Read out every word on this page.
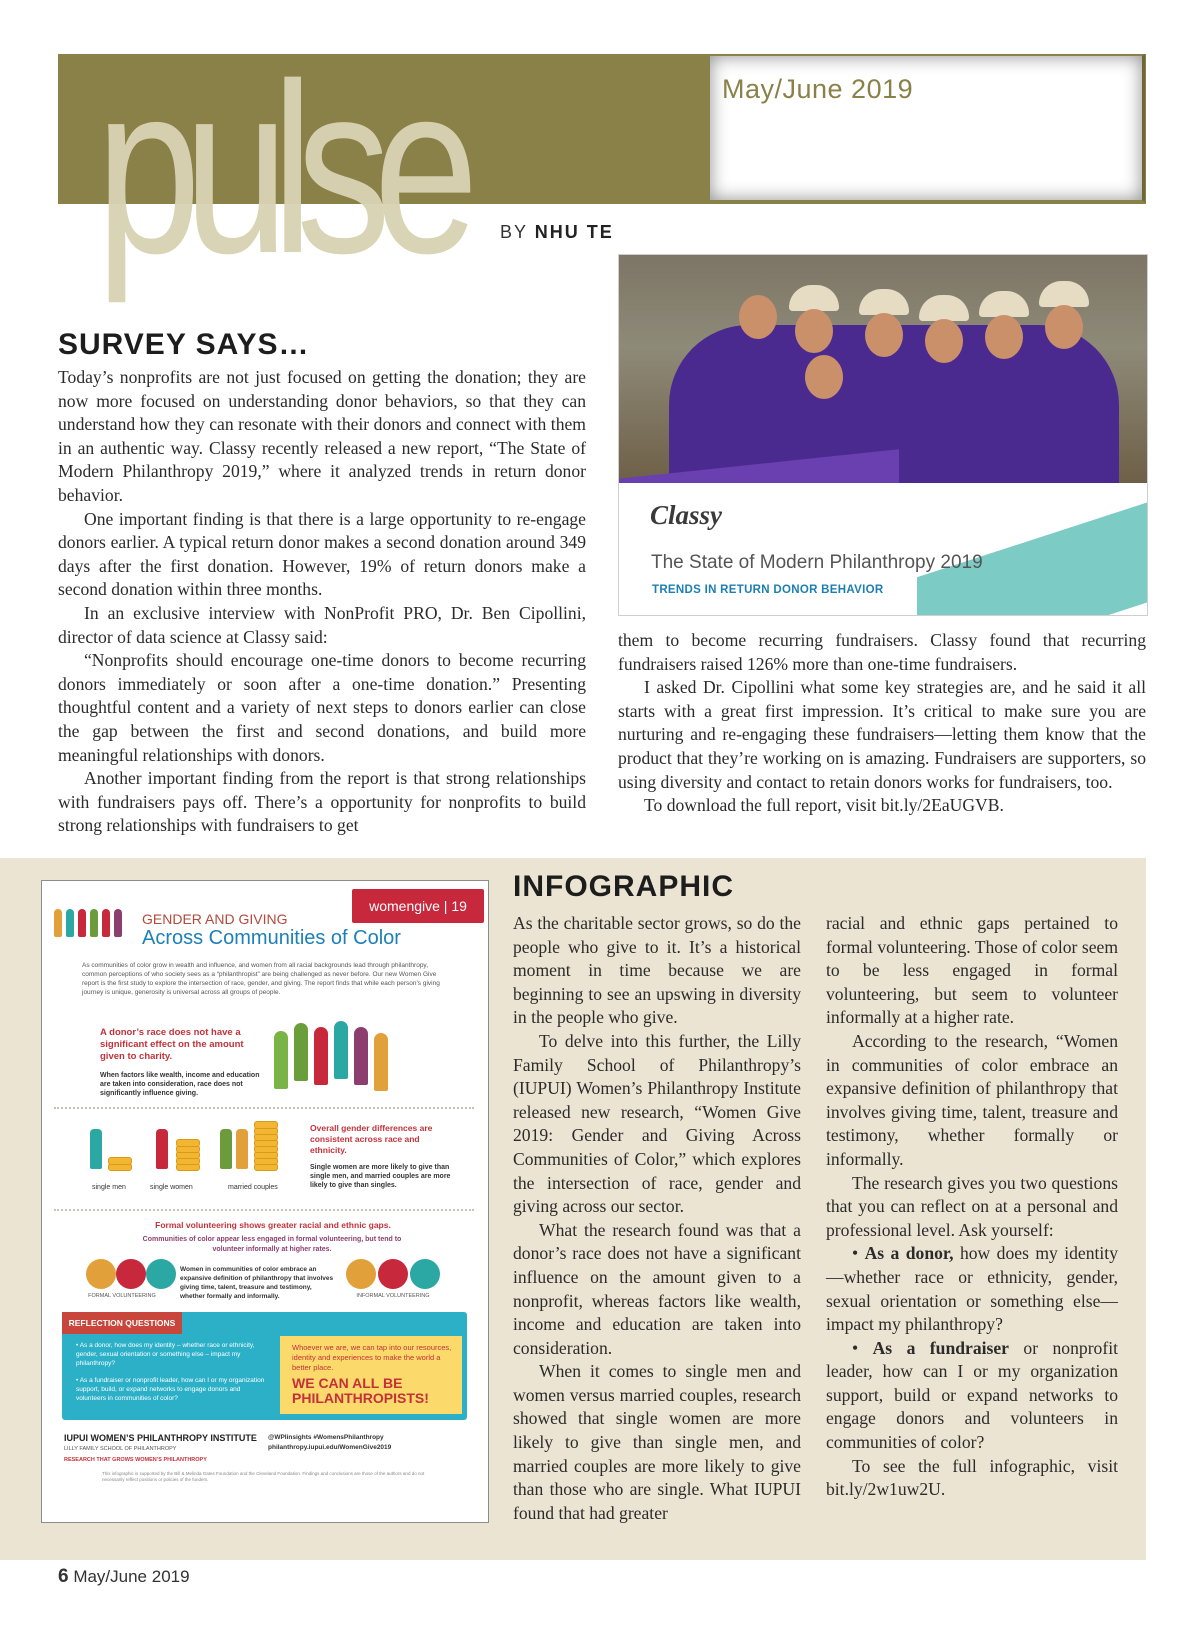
May/June 2019
pulse BY NHU TE
Classy
The State of Modern Philanthropy 2019
TRENDS IN RETURN DONOR BEHAVIOR
SURVEY SAYS…

Today’s nonprofits are not just focused on getting the donation; they are now more focused on understanding donor behaviors, so that they can understand how they can resonate with their donors and connect with them in an authentic way. Classy recently released a new report, “The State of Modern Philanthropy 2019,” where it analyzed trends in return donor behavior.

One important finding is that there is a large opportunity to re-engage donors earlier. A typical return donor makes a second donation around 349 days after the first donation. However, 19% of return donors make a second donation within three months.

In an exclusive interview with NonProfit PRO, Dr. Ben Cipollini, director of data science at Classy said:

“Nonprofits should encourage one-time donors to become recurring donors immediately or soon after a one-time donation.” Presenting thoughtful content and a variety of next steps to donors earlier can close the gap between the first and second donations, and build more meaningful relationships with donors.

Another important finding from the report is that strong relationships with fundraisers pays off. There’s a opportunity for nonprofits to build strong relationships with fundraisers to get

them to become recurring fundraisers. Classy found that recurring fundraisers raised 126% more than one-time fundraisers.

I asked Dr. Cipollini what some key strategies are, and he said it all starts with a great first impression. It’s critical to make sure you are nurturing and re-engaging these fundraisers—letting them know that the product that they’re working on is amazing. Fundraisers are supporters, so using diversity and contact to retain donors works for fundraisers, too.

To download the full report, visit bit.ly/2EaUGVB.

womengive | 19
GENDER AND GIVING
Across Communities of Color
As communities of color grow in wealth and influence, and women from all racial backgrounds lead through philanthropy, common perceptions of who society sees as a “philanthropist” are being challenged as never before. Our new Women Give report is the first study to explore the intersection of race, gender, and giving. The report finds that while each person’s giving journey is unique, generosity is universal across all groups of people.
A donor’s race does not have a significant effect on the amount given to charity.
When factors like wealth, income and education are taken into consideration, race does not significantly influence giving.
single men	single women	married couples
Overall gender differences are consistent across race and ethnicity.
Single women are more likely to give than single men, and married couples are more likely to give than singles.
Formal volunteering shows greater racial and ethnic gaps.
Communities of color appear less engaged in formal volunteering, but tend to volunteer informally at higher rates.
Women in communities of color embrace an expansive definition of philanthropy that involves giving time, talent, treasure and testimony, whether formally and informally.
FORMAL VOLUNTEERING	INFORMAL VOLUNTEERING
REFLECTION QUESTIONS
• As a donor, how does my identity – whether race or ethnicity, gender, sexual orientation or something else – impact my philanthropy?
• As a fundraiser or nonprofit leader, how can I or my organization support, build, or expand networks to engage donors and volunteers in communities of color?
Whoever we are, we can tap into our resources, identity and experiences to make the world a better place.
WE CAN ALL BE PHILANTHROPISTS!
IUPUI WOMEN’S PHILANTHROPY INSTITUTE
LILLY FAMILY SCHOOL OF PHILANTHROPY
RESEARCH THAT GROWS WOMEN’S PHILANTHROPY
@WPIinsights #WomensPhilanthropy
philanthropy.iupui.edu/WomenGive2019
This infographic is supported by the Bill & Melinda Gates Foundation and the Cleveland Foundation. Findings and conclusions are those of the authors and do not necessarily reflect positions or policies of the funders.
INFOGRAPHIC

As the charitable sector grows, so do the people who give to it. It’s a historical moment in time because we are beginning to see an upswing in diversity in the people who give.

To delve into this further, the Lilly Family School of Philanthropy’s (IUPUI) Women’s Philanthropy Institute released new research, “Women Give 2019: Gender and Giving Across Communities of Color,” which explores the intersection of race, gender and giving across our sector.

What the research found was that a donor’s race does not have a significant influence on the amount given to a nonprofit, whereas factors like wealth, income and education are taken into consideration.

When it comes to single men and women versus married couples, research showed that single women are more likely to give than single men, and married couples are more likely to give than those who are single. What IUPUI found that had greater

racial and ethnic gaps pertained to formal volunteering. Those of color seem to be less engaged in formal volunteering, but seem to volunteer informally at a higher rate.

According to the research, “Women in communities of color embrace an expansive definition of philanthropy that involves giving time, talent, treasure and testimony, whether formally or informally.

The research gives you two questions that you can reflect on at a personal and professional level. Ask yourself:

• As a donor, how does my identity—whether race or ethnicity, gender, sexual orientation or something else—impact my philanthropy?

• As a fundraiser or nonprofit leader, how can I or my organization support, build or expand networks to engage donors and volunteers in communities of color?

To see the full infographic, visit bit.ly/2w1uw2U.

6 May/June 2019
